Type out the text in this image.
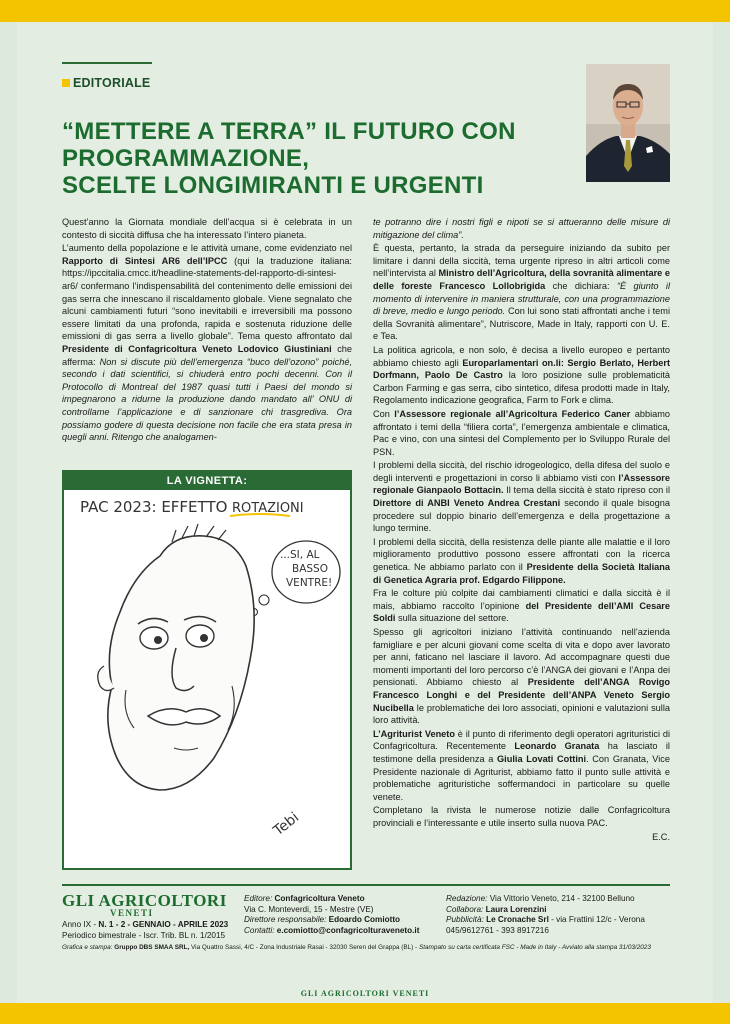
EDITORIALE
“METTERE A TERRA” IL FUTURO CON
PROGRAMMAZIONE,
SCELTE LONGIMIRANTI E URGENTI

Quest’anno la Giornata mondiale dell’acqua si è celebrata in un contesto di siccità diffusa che ha interessato l’intero pianeta.

L’aumento della popolazione e le attività umane, come evidenziato nel Rapporto di Sintesi AR6 dell’IPCC (qui la traduzione italiana: https://ipccitalia.cmcc.it/headline-statements-del-rapporto-di-sintesi-ar6/ confermano l’indispensabilità del contenimento delle emissioni dei gas serra che innescano il riscaldamento globale. Viene segnalato che alcuni cambiamenti futuri “sono inevitabili e irreversibili ma possono essere limitati da una profonda, rapida e sostenuta riduzione delle emissioni di gas serra a livello globale”. Tema questo affrontato dal Presidente di Confagricoltura Veneto Lodovico Giustiniani che afferma: Non si discute più dell’emergenza “buco dell’ozono” poiché, secondo i dati scientifici, si chiuderà entro pochi decenni. Con il Protocollo di Montreal del 1987 quasi tutti i Paesi del mondo si impegnarono a ridurne la produzione dando mandato all’ ONU di controllame l’applicazione e di sanzionare chi trasgrediva. Ora possiamo godere di questa decisione non facile che era stata presa in quegli anni. Ritengo che analogamen-

LA VIGNETTA:
PAC 2023: EFFETTO ROTAZIONI
...SI, AL
BASSO
VENTRE!
Tebi

te potranno dire i nostri figli e nipoti se si attueranno delle misure di mitigazione del clima”.

È questa, pertanto, la strada da perseguire iniziando da subito per limitare i danni della siccità, tema urgente ripreso in altri articoli come nell’intervista al Ministro dell’Agricoltura, della sovranità alimentare e delle foreste Francesco Lollobrigida che dichiara: “È giunto il momento di intervenire in maniera strutturale, con una programmazione di breve, medio e lungo periodo. Con lui sono stati affrontati anche i temi della Sovranità alimentare”, Nutriscore, Made in Italy, rapporti con U. E. e Tea.

La politica agricola, e non solo, è decisa a livello europeo e pertanto abbiamo chiesto agli Europarlamentari on.li: Sergio Berlato, Herbert Dorfmann, Paolo De Castro la loro posizione sulle problematicità Carbon Farming e gas serra, cibo sintetico, difesa prodotti made in Italy, Regolamento indicazione geografica, Farm to Fork e clima.

Con l’Assessore regionale all’Agricoltura Federico Caner abbiamo affrontato i temi della “filiera corta”, l’emergenza ambientale e climatica, Pac e vino, con una sintesi del Complemento per lo Sviluppo Rurale del PSN.

I problemi della siccità, del rischio idrogeologico, della difesa del suolo e degli interventi e progettazioni in corso li abbiamo visti con l’Assessore regionale Gianpaolo Bottacin. Il tema della siccità è stato ripreso con il Direttore di ANBI Veneto Andrea Crestani secondo il quale bisogna procedere sul doppio binario dell’emergenza e della progettazione a lungo termine.

I problemi della siccità, della resistenza delle piante alle malattie e il loro miglioramento produttivo possono essere affrontati con la ricerca genetica. Ne abbiamo parlato con il Presidente della Società Italiana di Genetica Agraria prof. Edgardo Filippone.

Fra le colture più colpite dai cambiamenti climatici e dalla siccità è il mais, abbiamo raccolto l’opinione del Presidente dell’AMI Cesare Soldi sulla situazione del settore.

Spesso gli agricoltori iniziano l’attività continuando nell’azienda famigliare e per alcuni giovani come scelta di vita e dopo aver lavorato per anni, faticano nel lasciare il lavoro. Ad accompagnare questi due momenti importanti del loro percorso c’è l’ANGA dei giovani e l’Anpa dei pensionati. Abbiamo chiesto al Presidente dell’ANGA Rovigo Francesco Longhi e del Presidente dell’ANPA Veneto Sergio Nucibella le problematiche dei loro associati, opinioni e valutazioni sulla loro attività.

L’Agriturist Veneto è il punto di riferimento degli operatori agrituristici di Confagricoltura. Recentemente Leonardo Granata ha lasciato il testimone della presidenza a Giulia Lovati Cottini. Con Granata, Vice Presidente nazionale di Agriturist, abbiamo fatto il punto sulle attività e problematiche agrituristiche soffermandoci in particolare su quelle venete.

Completano la rivista le numerose notizie dalle Confagricoltura provinciali e l’interessante e utile inserto sulla nuova PAC.

E.C.

GLI AGRICOLTORI
VENETI
Anno IX - N. 1 - 2 - GENNAIO - APRILE 2023
Periodico bimestrale - Iscr. Trib. BL n. 1/2015
Editore: Confagricoltura Veneto
Via C. Monteverdi, 15 - Mestre (VE)
Direttore responsabile: Edoardo Comiotto
Contatti: e.comiotto@confagricolturaveneto.it
Redazione: Via Vittorio Veneto, 214 - 32100 Belluno
Collabora: Laura Lorenzini
Pubblicità: Le Cronache Srl - via Frattini 12/c - Verona
045/9612761 - 393 8917216
Grafica e stampa: Gruppo DBS SMAA SRL, Via Quattro Sassi, 4/C - Zona Industriale Rasai - 32030 Seren del Grappa (BL) - Stampato su carta certificata FSC - Made in Italy - Avviato alla stampa 31/03/2023
GLI AGRICOLTORI VENETI
